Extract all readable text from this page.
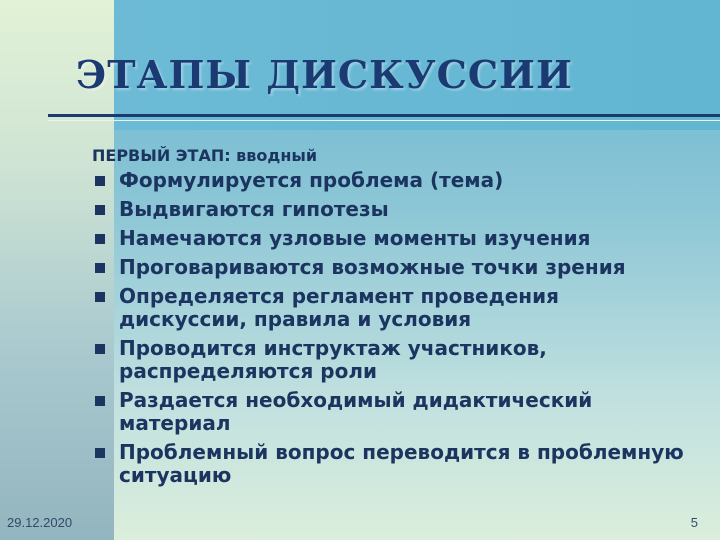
ЭТАПЫ ДИСКУССИИ

ПЕРВЫЙ ЭТАП: вводный

Формулируется проблема (тема)
Выдвигаются гипотезы
Намечаются узловые моменты изучения
Проговариваются возможные точки зрения
Определяется регламент проведения дискуссии, правила и условия
Проводится инструктаж участников, распределяются роли
Раздается необходимый дидактический материал
Проблемный вопрос переводится в проблемную ситуацию
29.12.2020	5
